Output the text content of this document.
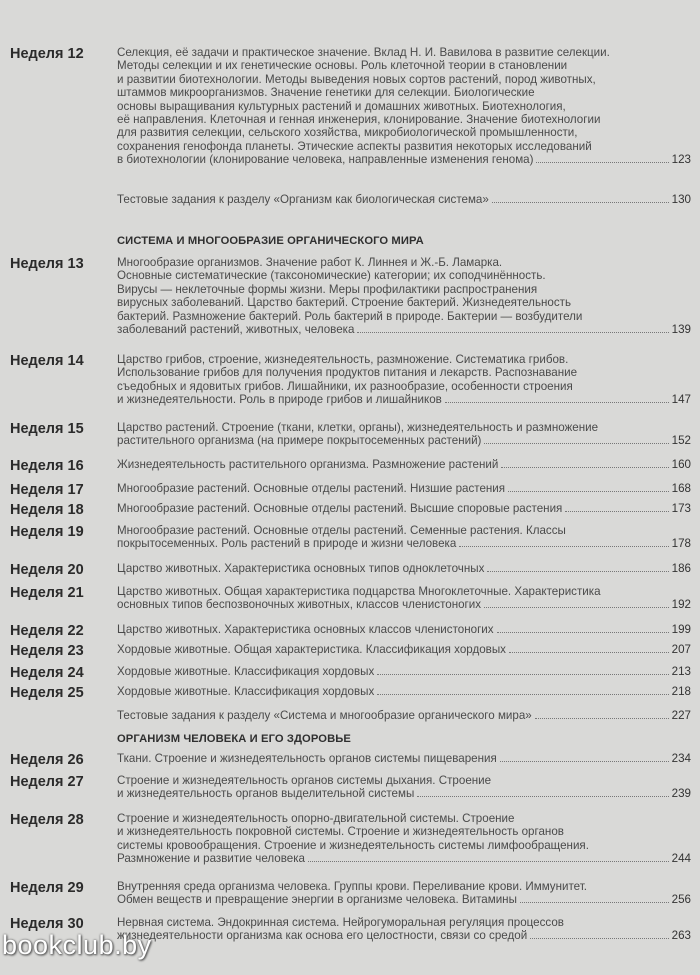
Неделя 12	Селекция, её задачи и практическое значение. Вклад Н. И. Вавилова в развитие селекции.
Методы селекции и их генетические основы. Роль клеточной теории в становлении
и развитии биотехнологии. Методы выведения новых сортов растений, пород животных,
штаммов микроорганизмов. Значение генетики для селекции. Биологические
основы выращивания культурных растений и домашних животных. Биотехнология,
её направления. Клеточная и генная инженерия, клонирование. Значение биотехнологии
для развития селекции, сельского хозяйства, микробиологической промышленности,
сохранения генофонда планеты. Этические аспекты развития некоторых исследований
в биотехнологии (клонирование человека, направленные изменения генома)	123
Тестовые задания к разделу «Организм как биологическая система»	130
Неделя 13	Многообразие организмов. Значение работ К. Линнея и Ж.-Б. Ламарка.
Основные систематические (таксономические) категории; их соподчинённость.
Вирусы — неклеточные формы жизни. Меры профилактики распространения
вирусных заболеваний. Царство бактерий. Строение бактерий. Жизнедеятельность
бактерий. Размножение бактерий. Роль бактерий в природе. Бактерии — возбудители
заболеваний растений, животных, человека	139
Неделя 14	Царство грибов, строение, жизнедеятельность, размножение. Систематика грибов.
Использование грибов для получения продуктов питания и лекарств. Распознавание
съедобных и ядовитых грибов. Лишайники, их разнообразие, особенности строения
и жизнедеятельности. Роль в природе грибов и лишайников	147
Неделя 15	Царство растений. Строение (ткани, клетки, органы), жизнедеятельность и размножение
растительного организма (на примере покрытосеменных растений)	152
Неделя 16	Жизнедеятельность растительного организма. Размножение растений	160
Неделя 17	Многообразие растений. Основные отделы растений. Низшие растения	168
Неделя 18	Многообразие растений. Основные отделы растений. Высшие споровые растения	173
Неделя 19	Многообразие растений. Основные отделы растений. Семенные растения. Классы
покрытосеменных. Роль растений в природе и жизни человека	178
Неделя 20	Царство животных. Характеристика основных типов одноклеточных	186
Неделя 21	Царство животных. Общая характеристика подцарства Многоклеточные. Характеристика
основных типов беспозвоночных животных, классов членистоногих	192
Неделя 22	Царство животных. Характеристика основных классов членистоногих	199
Неделя 23	Хордовые животные. Общая характеристика. Классификация хордовых	207
Неделя 24	Хордовые животные. Классификация хордовых	213
Неделя 25	Хордовые животные. Классификация хордовых	218
Тестовые задания к разделу «Система и многообразие органического мира»	227
Неделя 26	Ткани. Строение и жизнедеятельность органов системы пищеварения	234
Неделя 27	Строение и жизнедеятельность органов системы дыхания. Строение
и жизнедеятельность органов выделительной системы	239
Неделя 28	Строение и жизнедеятельность опорно-двигательной системы. Строение
и жизнедеятельность покровной системы. Строение и жизнедеятельность органов
системы кровообращения. Строение и жизнедеятельность системы лимфообращения.
Размножение и развитие человека	244
Неделя 29	Внутренняя среда организма человека. Группы крови. Переливание крови. Иммунитет.
Обмен веществ и превращение энергии в организме человека. Витамины	256
Неделя 30	Нервная система. Эндокринная система. Нейрогуморальная регуляция процессов
жизнедеятельности организма как основа его целостности, связи со средой	263
СИСТЕМА И МНОГООБРАЗИЕ ОРГАНИЧЕСКОГО МИРА
ОРГАНИЗМ ЧЕЛОВЕКА И ЕГО ЗДОРОВЬЕ
bookclub.by
